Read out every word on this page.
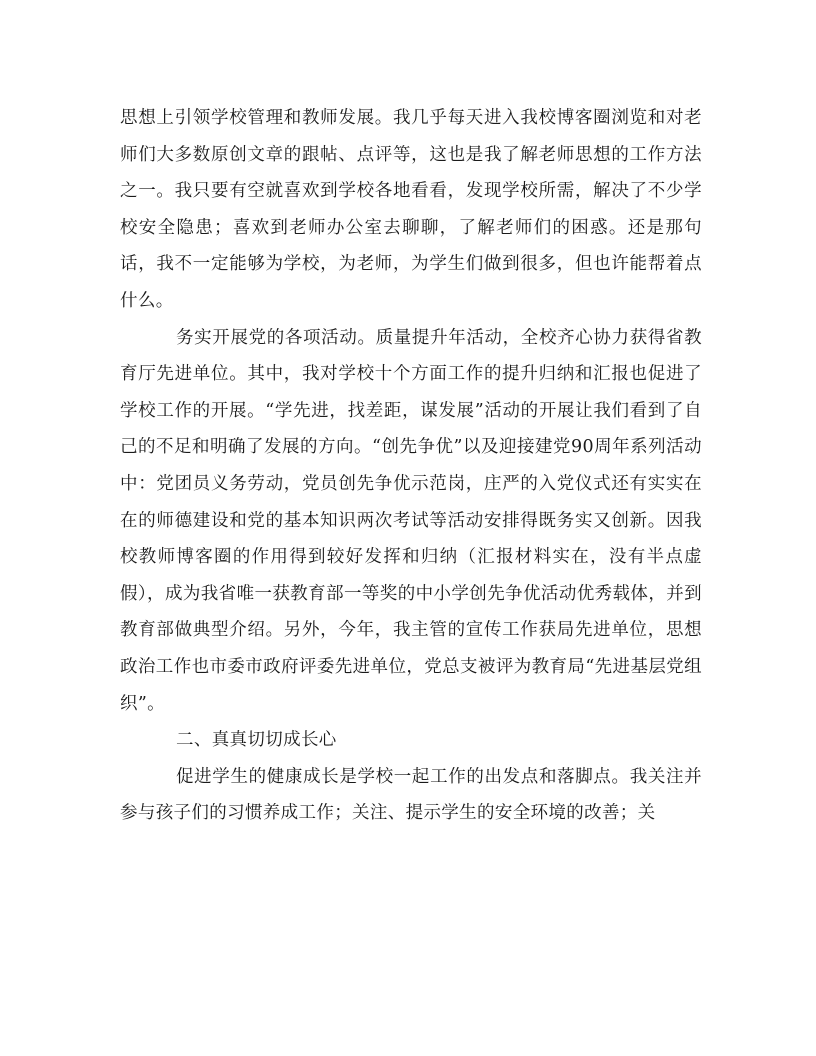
思想上引领学校管理和教师发展。我几乎每天进入我校博客圈浏览和对老师们大多数原创文章的跟帖、点评等，这也是我了解老师思想的工作方法之一。我只要有空就喜欢到学校各地看看，发现学校所需，解决了不少学校安全隐患；喜欢到老师办公室去聊聊，了解老师们的困惑。还是那句话，我不一定能够为学校，为老师，为学生们做到很多，但也许能帮着点什么。

务实开展党的各项活动。质量提升年活动，全校齐心协力获得省教育厅先进单位。其中，我对学校十个方面工作的提升归纳和汇报也促进了学校工作的开展。“学先进，找差距，谋发展”活动的开展让我们看到了自己的不足和明确了发展的方向。“创先争优”以及迎接建党90周年系列活动中：党团员义务劳动，党员创先争优示范岗，庄严的入党仪式还有实实在在的师德建设和党的基本知识两次考试等活动安排得既务实又创新。因我校教师博客圈的作用得到较好发挥和归纳（汇报材料实在，没有半点虚假），成为我省唯一获教育部一等奖的中小学创先争优活动优秀载体，并到教育部做典型介绍。另外，今年，我主管的宣传工作获局先进单位，思想政治工作也市委市政府评委先进单位，党总支被评为教育局“先进基层党组织”。

二、真真切切成长心

促进学生的健康成长是学校一起工作的出发点和落脚点。我关注并参与孩子们的习惯养成工作；关注、提示学生的安全环境的改善；关
